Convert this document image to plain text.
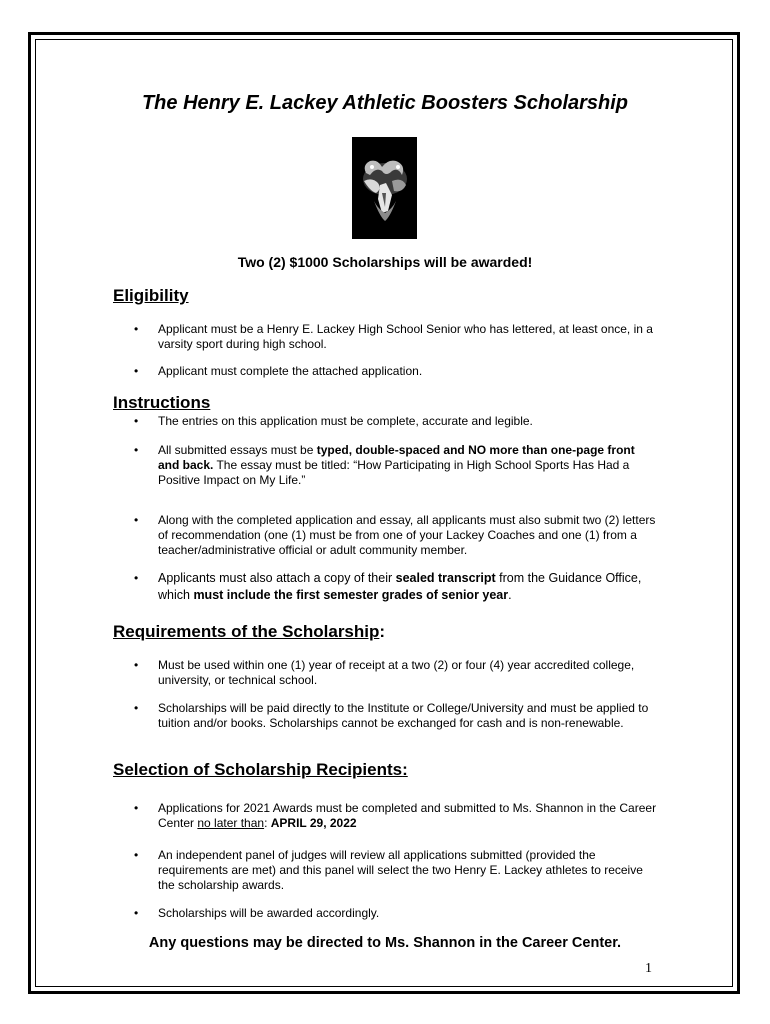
The Henry E. Lackey Athletic Boosters Scholarship

Two (2) $1000 Scholarships will be awarded!

Eligibility
• Applicant must be a Henry E. Lackey High School Senior who has lettered, at least once, in a varsity sport during high school.
• Applicant must complete the attached application.
Instructions
• The entries on this application must be complete, accurate and legible.
• All submitted essays must be typed, double-spaced and NO more than one-page front and back. The essay must be titled: “How Participating in High School Sports Has Had a Positive Impact on My Life.”
• Along with the completed application and essay, all applicants must also submit two (2) letters of recommendation (one (1) must be from one of your Lackey Coaches and one (1) from a teacher/administrative official or adult community member.
• Applicants must also attach a copy of their sealed transcript from the Guidance Office, which must include the first semester grades of senior year.
Requirements of the Scholarship:
• Must be used within one (1) year of receipt at a two (2) or four (4) year accredited college, university, or technical school.
• Scholarships will be paid directly to the Institute or College/University and must be applied to tuition and/or books. Scholarships cannot be exchanged for cash and is non-renewable.
Selection of Scholarship Recipients:
• Applications for 2021 Awards must be completed and submitted to Ms. Shannon in the Career Center no later than: APRIL 29, 2022
• An independent panel of judges will review all applications submitted (provided the requirements are met) and this panel will select the two Henry E. Lackey athletes to receive the scholarship awards.
• Scholarships will be awarded accordingly.

Any questions may be directed to Ms. Shannon in the Career Center.

1
